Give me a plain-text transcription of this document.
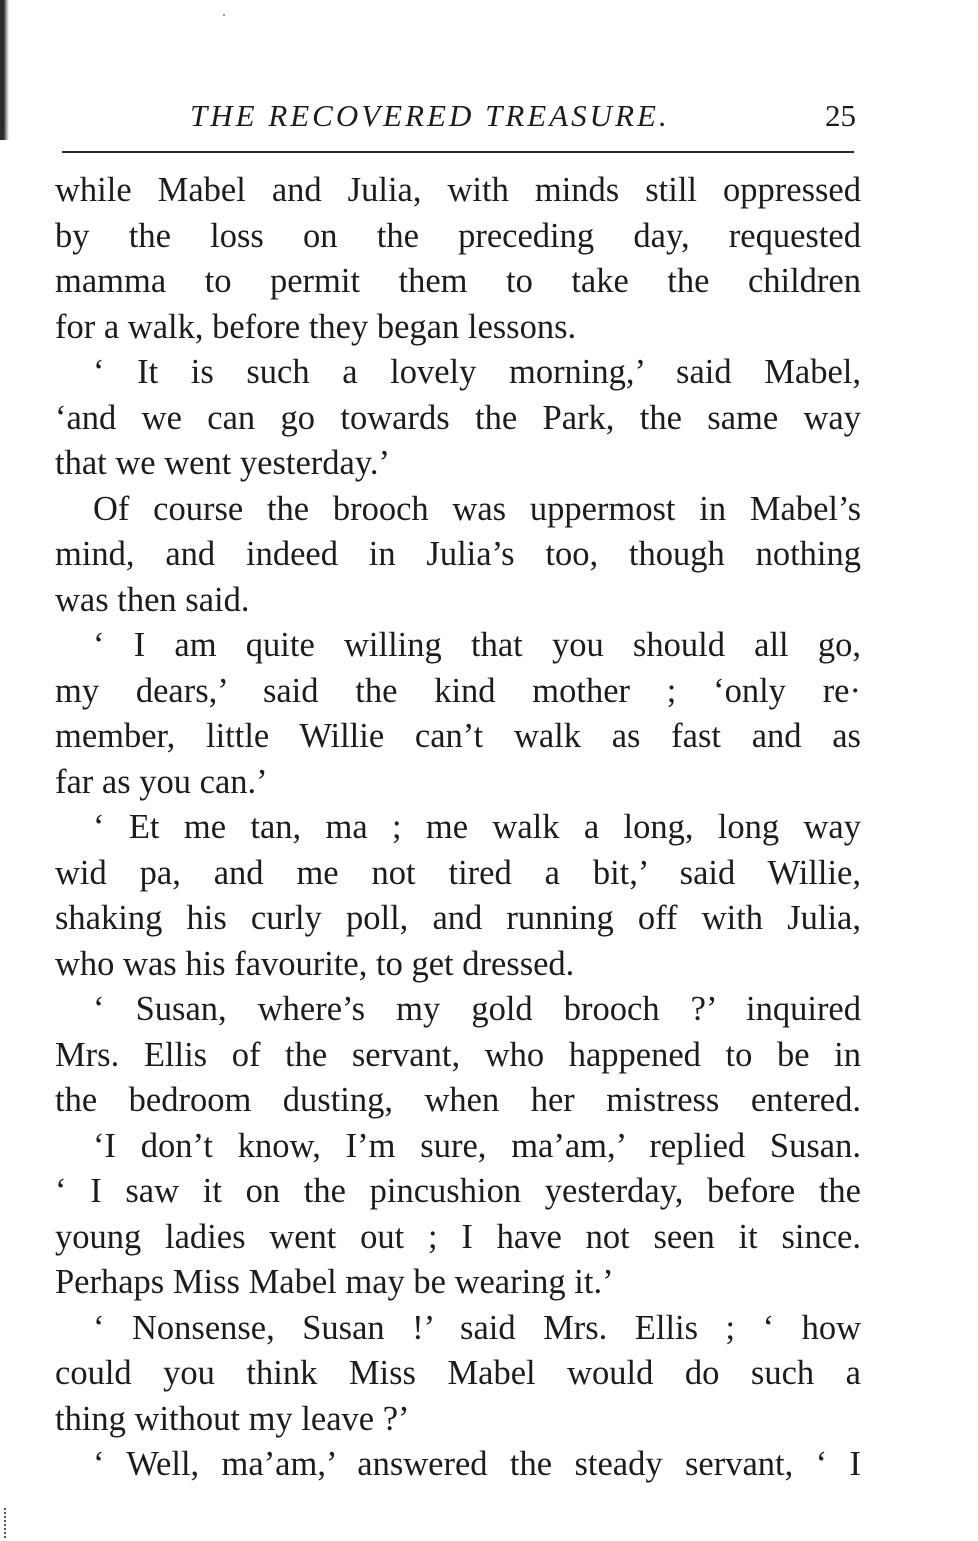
THE RECOVERED TREASURE.	25
while Mabel and Julia, with minds still oppressed
by the loss on the preceding day, requested
mamma to permit them to take the children
for a walk, before they began lessons.
‘ It is such a lovely morning,’ said Mabel,
‘and we can go towards the Park, the same way
that we went yesterday.’
Of course the brooch was uppermost in Mabel’s
mind, and indeed in Julia’s too, though nothing
was then said.
‘ I am quite willing that you should all go,
my dears,’ said the kind mother ; ‘only re·
member, little Willie can’t walk as fast and as
far as you can.’
‘ Et me tan, ma ; me walk a long, long way
wid pa, and me not tired a bit,’ said Willie,
shaking his curly poll, and running off with Julia,
who was his favourite, to get dressed.
‘ Susan, where’s my gold brooch ?’ inquired
Mrs. Ellis of the servant, who happened to be in
the bedroom dusting, when her mistress entered.
‘I don’t know, I’m sure, ma’am,’ replied Susan.
‘ I saw it on the pincushion yesterday, before the
young ladies went out ; I have not seen it since.
Perhaps Miss Mabel may be wearing it.’
‘ Nonsense, Susan !’ said Mrs. Ellis ; ‘ how
could you think Miss Mabel would do such a
thing without my leave ?’
‘ Well, ma’am,’ answered the steady servant, ‘ I
